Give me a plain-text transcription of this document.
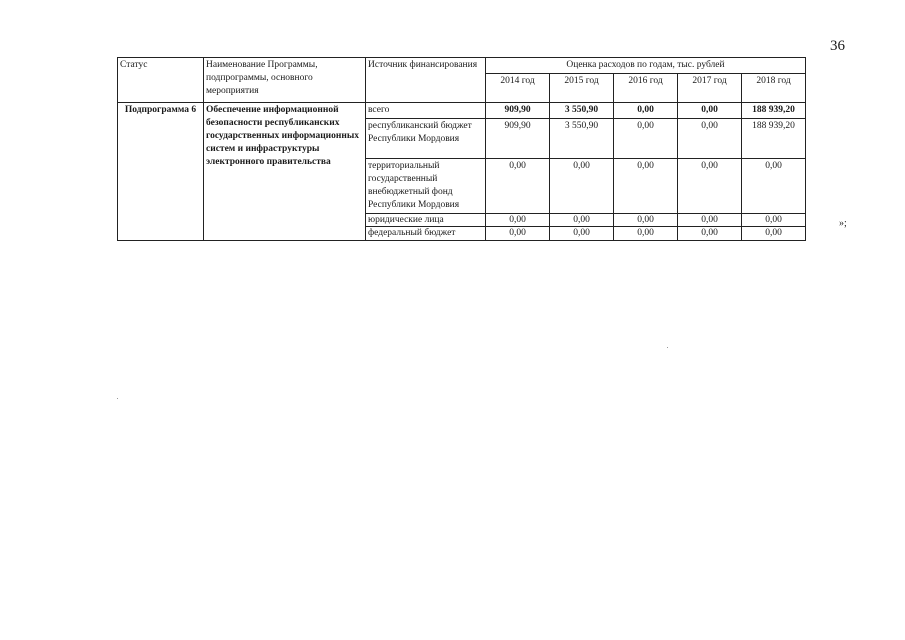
36
Статус	Наименование Программы, подпрограммы, основного мероприятия	Источник финансирования	Оценка расходов по годам, тыс. рублей				
			2014 год	2015 год	2016 год	2017 год	2018 год
Подпрограмма 6	Обеспечение информационной безопасности республиканских государственных информационных систем и инфраструктуры электронного правительства	всего	909,90	3 550,90	0,00	0,00	188 939,20
		республиканский бюджет Республики Мордовия	909,90	3 550,90	0,00	0,00	188 939,20
		территориальный государственный внебюджетный фонд Республики Мордовия	0,00	0,00	0,00	0,00	0,00
		юридические лица	0,00	0,00	0,00	0,00	0,00
		федеральный бюджет	0,00	0,00	0,00	0,00	0,00
»;
